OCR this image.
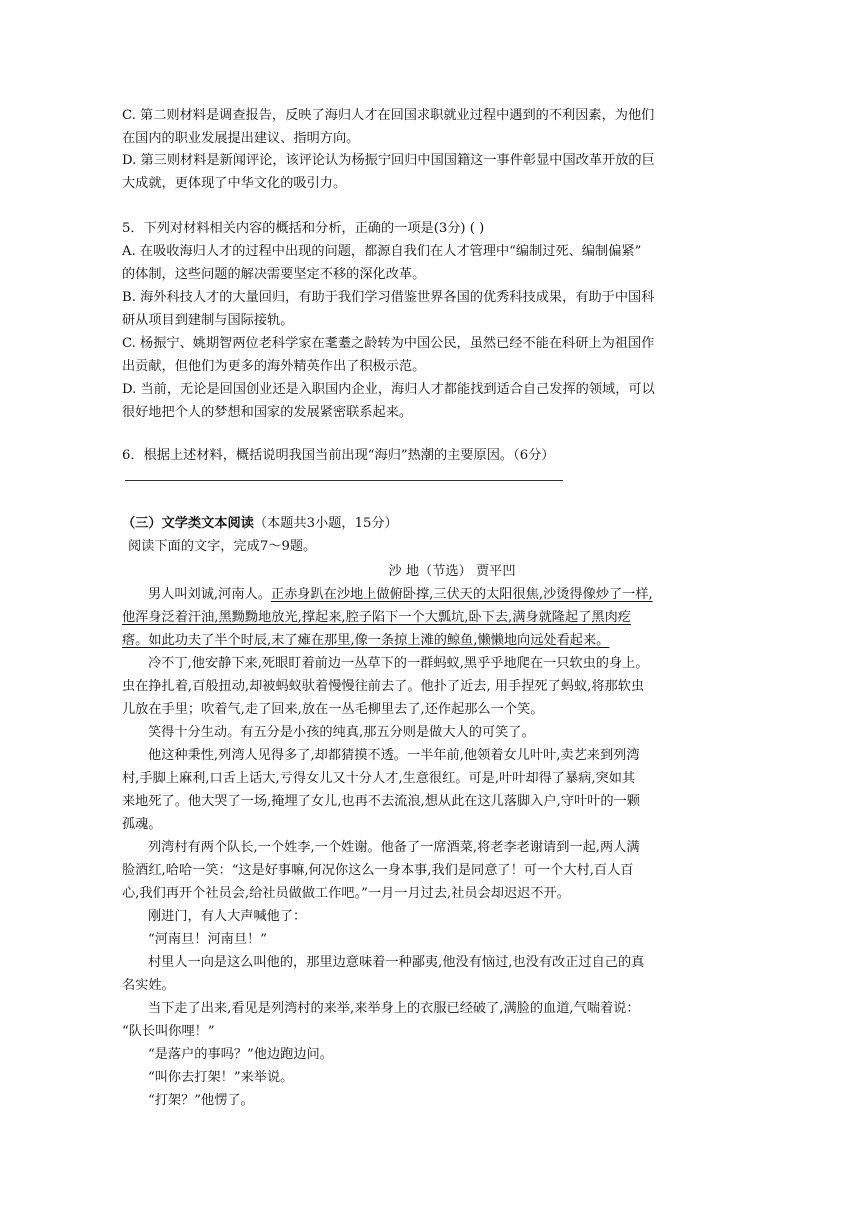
C. 第二则材料是调查报告，反映了海归人才在回国求职就业过程中遇到的不利因素，为他们
在国内的职业发展提出建议、指明方向。

D. 第三则材料是新闻评论，该评论认为杨振宁回归中国国籍这一事件彰显中国改革开放的巨
大成就，更体现了中华文化的吸引力。

5．下列对材料相关内容的概括和分析，正确的一项是(3分) ( )

A. 在吸收海归人才的过程中出现的问题，都源自我们在人才管理中“编制过死、编制偏紧”
的体制，这些问题的解决需要坚定不移的深化改革。

B. 海外科技人才的大量回归，有助于我们学习借鉴世界各国的优秀科技成果，有助于中国科
研从项目到建制与国际接轨。

C. 杨振宁、姚期智两位老科学家在耄耋之龄转为中国公民，虽然已经不能在科研上为祖国作
出贡献，但他们为更多的海外精英作出了积极示范。

D. 当前，无论是回国创业还是入职国内企业，海归人才都能找到适合自己发挥的领域，可以
很好地把个人的梦想和国家的发展紧密联系起来。

6．根据上述材料，概括说明我国当前出现“海归”热潮的主要原因。（6分）

（三）文学类文本阅读（本题共3小题，15分）

阅读下面的文字，完成7～9题。

沙 地（节选） 贾平凹

男人叫刘诚,河南人。正赤身趴在沙地上做俯卧撑,三伏天的太阳很焦,沙烫得像炒了一样,
他浑身泛着汗油,黑黝黝地放光,撑起来,腔子陷下一个大瓢坑,卧下去,满身就隆起了黑肉疙
瘩。如此功夫了半个时辰,末了瘫在那里,像一条掠上滩的鲸鱼,懒懒地向远处看起来。

冷不丁,他安静下来,死眼盯着前边一丛草下的一群蚂蚁,黑乎乎地爬在一只软虫的身上。
虫在挣扎着,百般扭动,却被蚂蚁驮着慢慢往前去了。他扑了近去, 用手捏死了蚂蚁,将那软虫
儿放在手里；吹着气,走了回来,放在一丛毛柳里去了,还作起那么一个笑。

笑得十分生动。有五分是小孩的纯真,那五分则是做大人的可笑了。

他这种秉性,列湾人见得多了,却都猜摸不透。一半年前,他领着女儿叶叶,卖艺来到列湾
村,手脚上麻利,口舌上话大,亏得女儿又十分人才,生意很红。可是,叶叶却得了暴病,突如其
来地死了。他大哭了一场,掩埋了女儿,也再不去流浪,想从此在这儿落脚入户,守叶叶的一颗
孤魂。

列湾村有两个队长,一个姓李,一个姓谢。他备了一席酒菜,将老李老谢请到一起,两人满
脸酒红,哈哈一笑：“这是好事嘛,何况你这么一身本事,我们是同意了！可一个大村,百人百
心,我们再开个社员会,给社员做做工作吧。”一月一月过去,社员会却迟迟不开。

刚进门，有人大声喊他了：

“河南旦！河南旦！”

村里人一向是这么叫他的，那里边意味着一种鄙夷,他没有恼过,也没有改正过自己的真
名实姓。

当下走了出来,看见是列湾村的来举,来举身上的衣服已经破了,满脸的血道,气喘着说：
“队长叫你哩！”

“是落户的事吗？”他边跑边问。

“叫你去打架！”来举说。

“打架？”他愣了。
